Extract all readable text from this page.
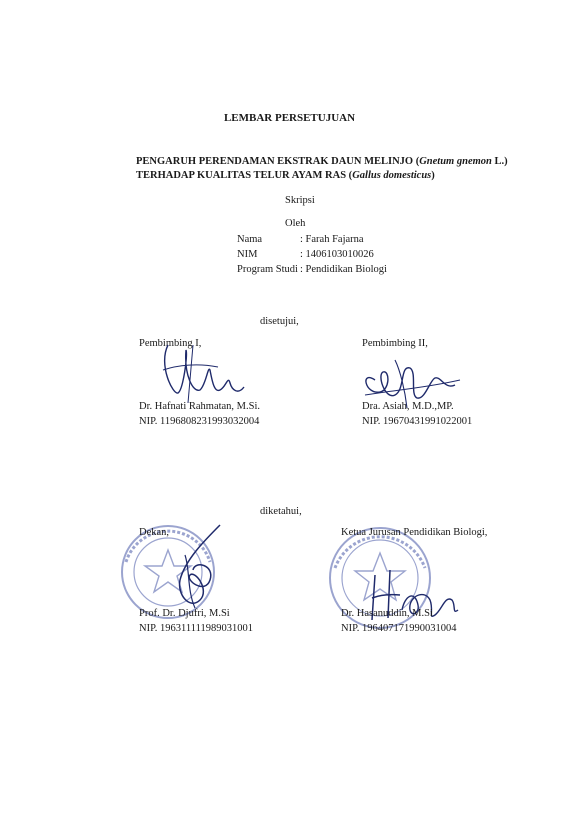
LEMBAR PERSETUJUAN
PENGARUH PERENDAMAN EKSTRAK DAUN MELINJO (Gnetum gnemon L.)
TERHADAP KUALITAS TELUR AYAM RAS (Gallus domesticus)
Skripsi
Oleh
Nama	: Farah Fajarna
NIM	: 1406103010026
Program Studi : Pendidikan Biologi
disetujui,
Pembimbing I,
Dr. Hafnati Rahmatan, M.Si.
NIP. 1196808231993032004
Pembimbing II,
Dra. Asiah, M.D.,MP.
NIP. 19670431991022001
diketahui,
Dekan,
Prof. Dr. Djufri, M.Si
NIP. 196311111989031001
Ketua Jurusan Pendidikan Biologi,
Dr. Hasanuddin, M.Si
NIP. 196407171990031004
